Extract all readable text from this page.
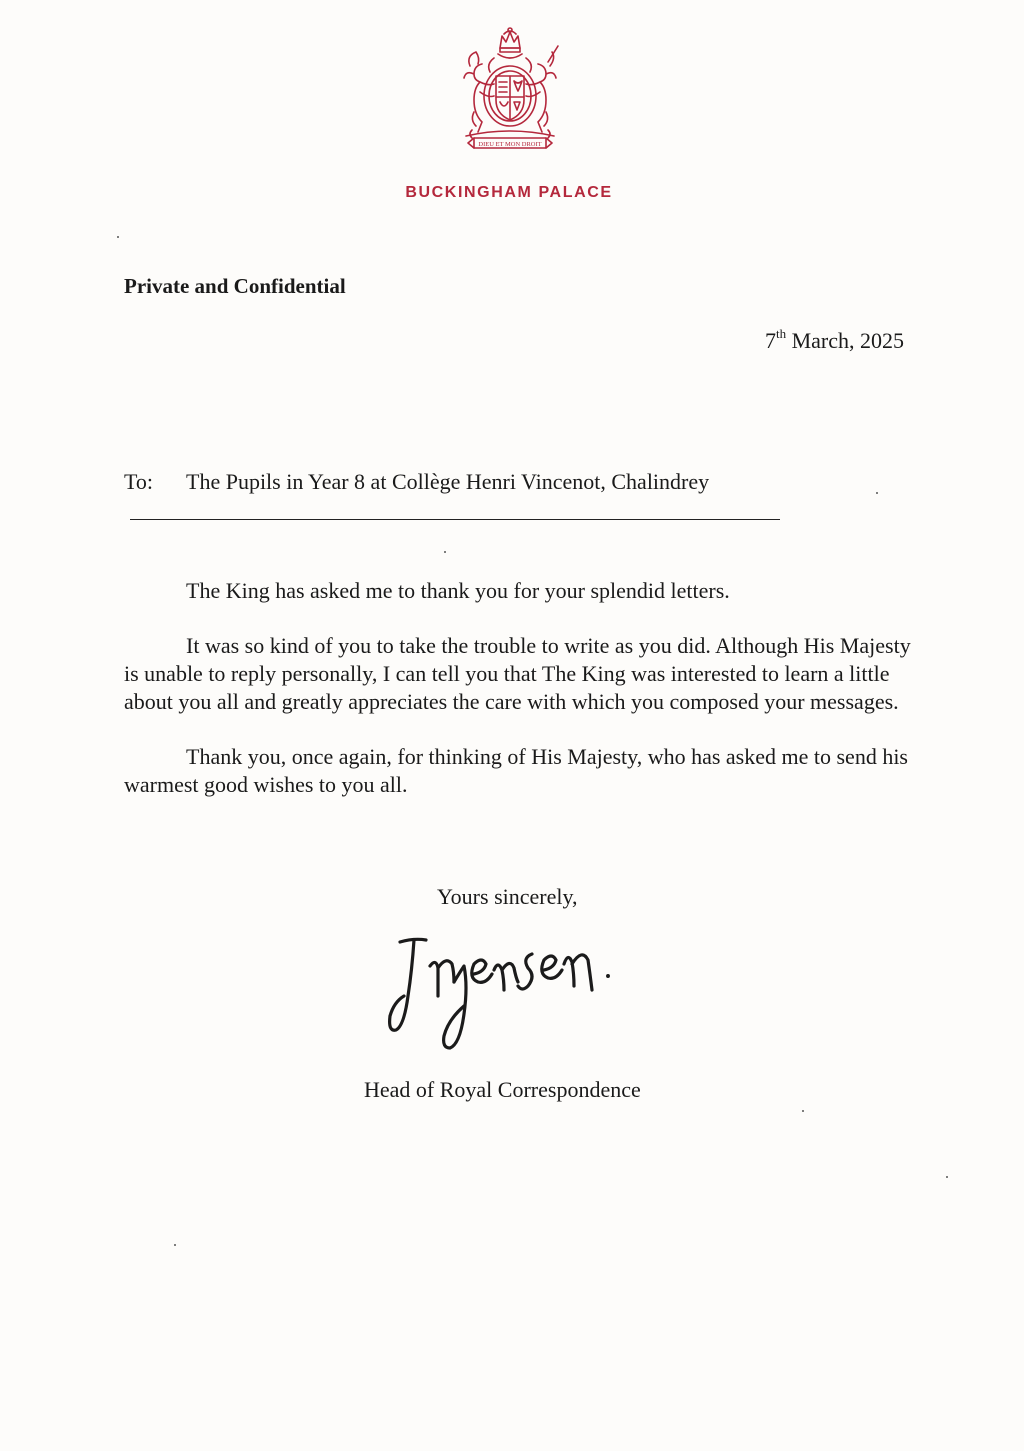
DIEU ET MON DROIT
BUCKINGHAM PALACE
Private and Confidential
7th March, 2025
To: The Pupils in Year 8 at Collège Henri Vincenot, Chalindrey

The King has asked me to thank you for your splendid letters.

It was so kind of you to take the trouble to write as you did. Although His Majesty is unable to reply personally, I can tell you that The King was interested to learn a little about you all and greatly appreciates the care with which you composed your messages.

Thank you, once again, for thinking of His Majesty, who has asked me to send his warmest good wishes to you all.

Yours sincerely,
Head of Royal Correspondence
